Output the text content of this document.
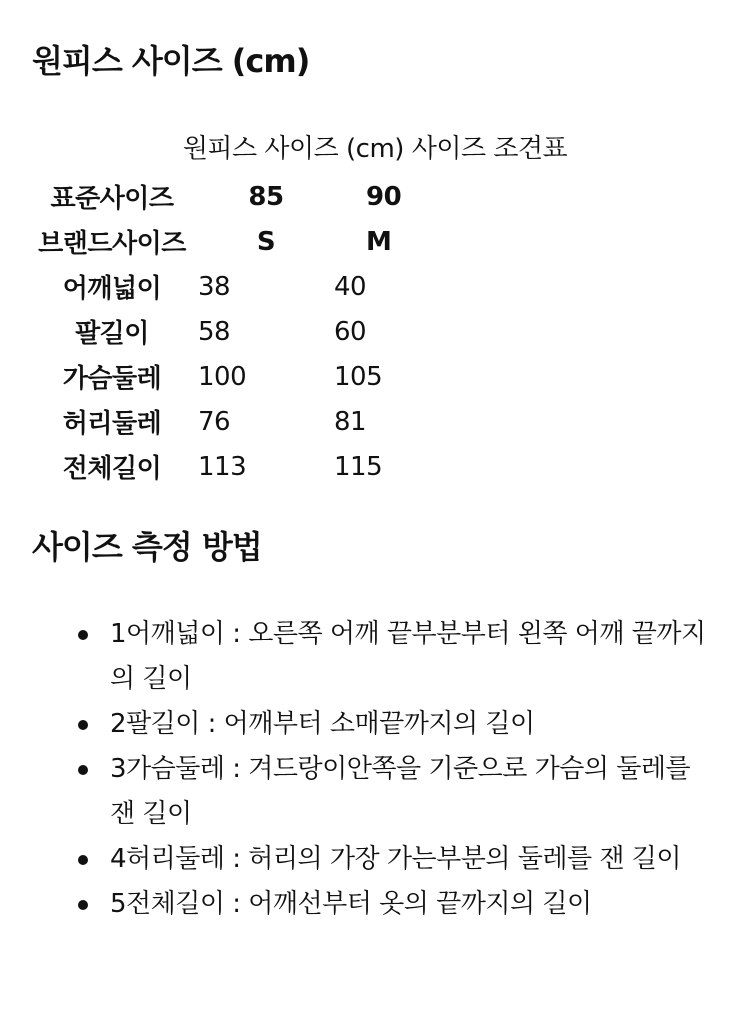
원피스 사이즈 (cm)
원피스 사이즈 (cm) 사이즈 조견표
표준사이즈	85	90
브랜드사이즈	S	M
어깨넓이	38	40
팔길이	58	60
가슴둘레	100	105
허리둘레	76	81
전체길이	113	115
사이즈 측정 방법
1어깨넓이 : 오른쪽 어깨 끝부분부터 왼쪽 어깨 끝까지의 길이
2팔길이 : 어깨부터 소매끝까지의 길이
3가슴둘레 : 겨드랑이안쪽을 기준으로 가슴의 둘레를 잰 길이
4허리둘레 : 허리의 가장 가는부분의 둘레를 잰 길이
5전체길이 : 어깨선부터 옷의 끝까지의 길이
